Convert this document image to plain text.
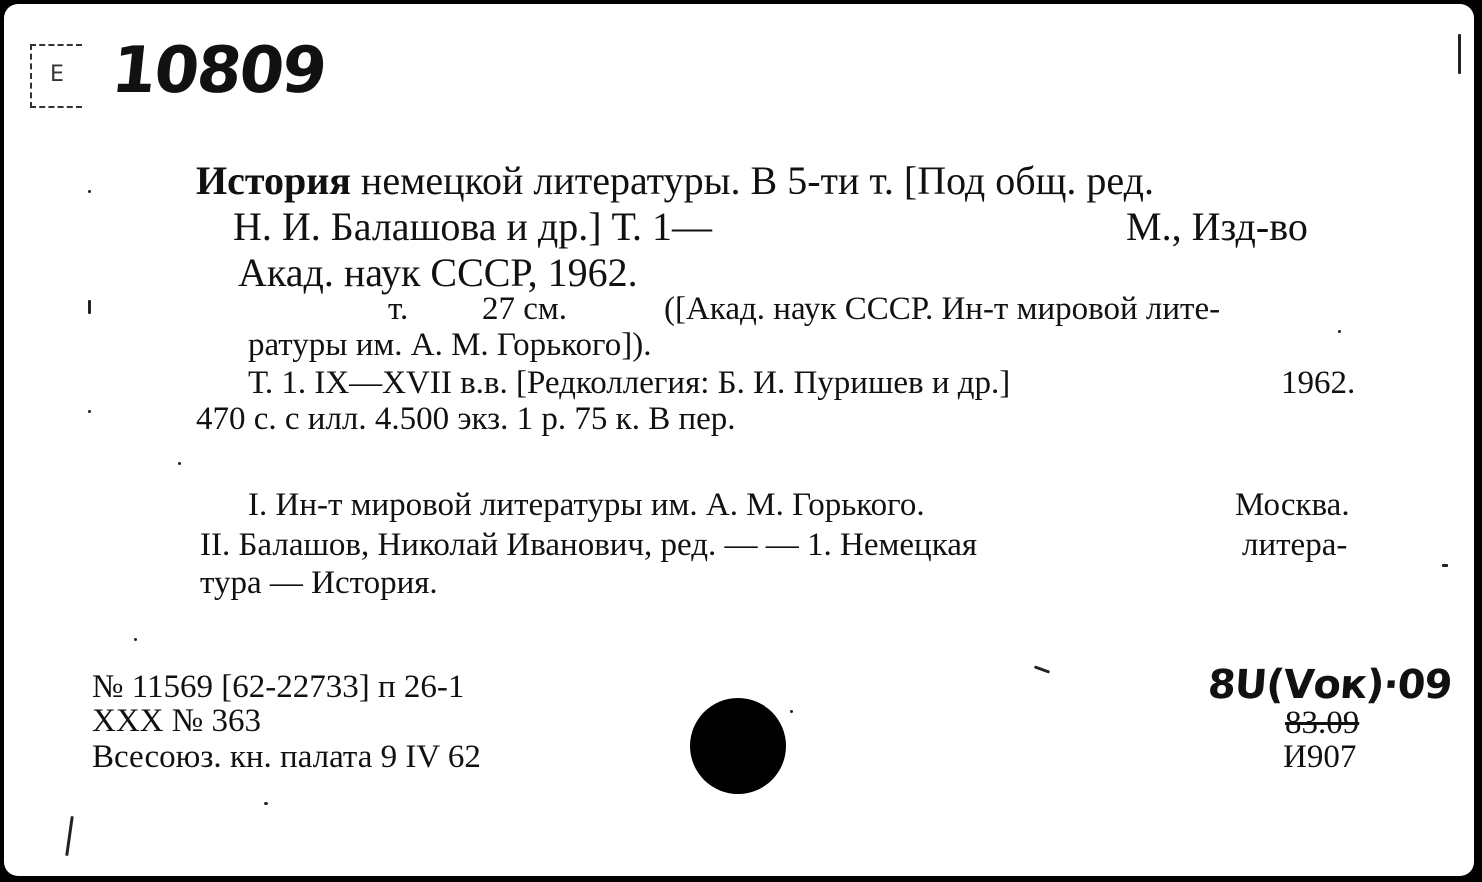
Е 10809
История немецкой литературы. В 5-ти т. [Под общ. ред.
Н. И. Балашова и др.] Т. 1—	М., Изд-во
Акад. наук СССР, 1962.
т. 27 см.	([Акад. наук СССР. Ин-т мировой лите-
ратуры им. А. М. Горького]).
Т. 1. IX—XVII в.в. [Редколлегия: Б. И. Пуришев и др.]	1962.
470 с. с илл. 4.500 экз. 1 р. 75 к. В пер.
I. Ин-т мировой литературы им. А. М. Горького.	Москва.
II. Балашов, Николай Иванович, ред. — — 1. Немецкая	литера-
тура — История.
№ 11569 [62-22733] п 26-1
XXX № 363
Всесоюз. кн. палата 9 IV 62
8U(Vок)·09
83.09
И907
